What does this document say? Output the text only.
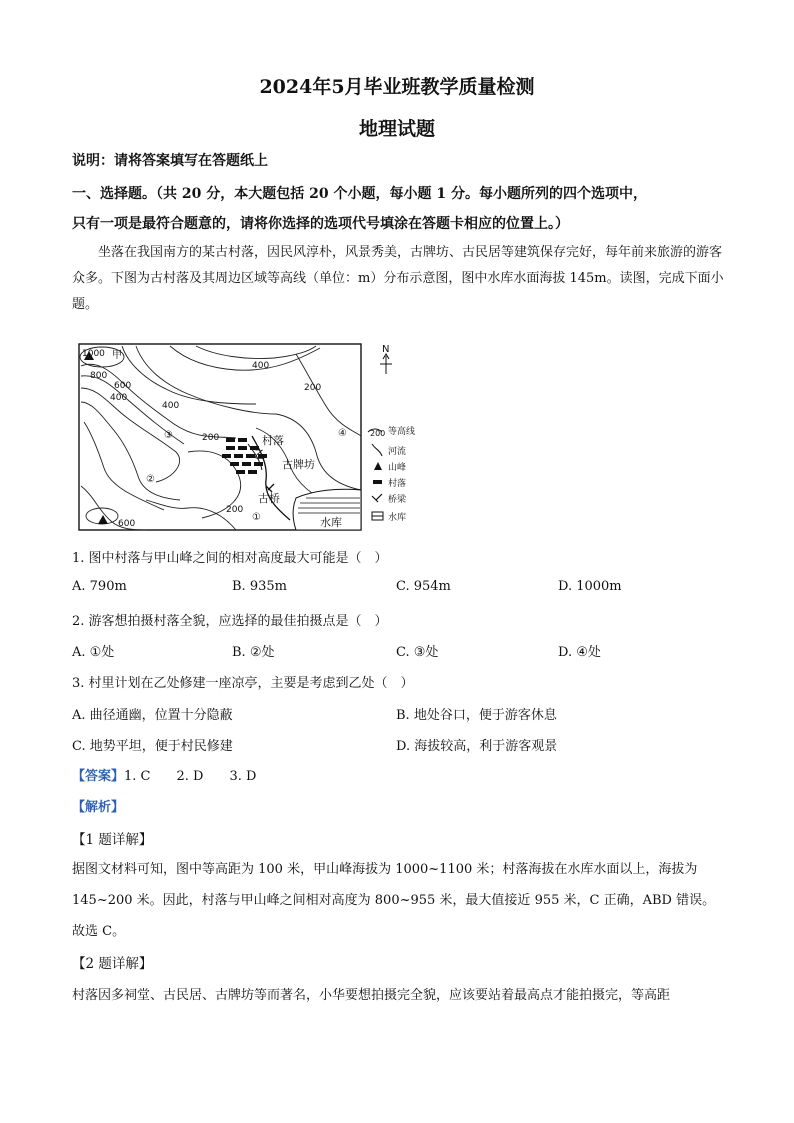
2024年5月毕业班教学质量检测
地理试题
说明：请将答案填写在答题纸上
一、选择题。（共 20 分，本大题包括 20 个小题，每小题 1 分。每小题所列的四个选项中，
只有一项是最符合题意的，请将你选择的选项代号填涂在答题卡相应的位置上。）
坐落在我国南方的某古村落，因民风淳朴，风景秀美，古牌坊、古民居等建筑保存完好，每年前来旅游的游客众多。下图为古村落及其周边区域等高线（单位：m）分布示意图，图中水库水面海拔 145m。读图，完成下面小题。
1000 甲
800
600
400
400
400
200
200
200
600
村落
乙
古牌坊
古桥
水库
③
②
①
④
N
200 等高线
河流
山峰
村落
桥梁
水库
1. 图中村落与甲山峰之间的相对高度最大可能是（　）
A. 790m	B. 935m	C. 954m	D. 1000m
2. 游客想拍摄村落全貌，应选择的最佳拍摄点是（　）
A. ①处	B. ②处	C. ③处	D. ④处
3. 村里计划在乙处修建一座凉亭，主要是考虑到乙处（　）
A. 曲径通幽，位置十分隐蔽	B. 地处谷口，便于游客休息
C. 地势平坦，便于村民修建	D. 海拔较高，利于游客观景
【答案】1. C　　2. D　　3. D
【解析】
【1 题详解】
据图文材料可知，图中等高距为 100 米，甲山峰海拔为 1000~1100 米；村落海拔在水库水面以上，海拔为
145~200 米。因此，村落与甲山峰之间相对高度为 800~955 米，最大值接近 955 米，C 正确，ABD 错误。
故选 C。
【2 题详解】
村落因多祠堂、古民居、古牌坊等而著名，小华要想拍摄完全貌，应该要站着最高点才能拍摄完，等高距
